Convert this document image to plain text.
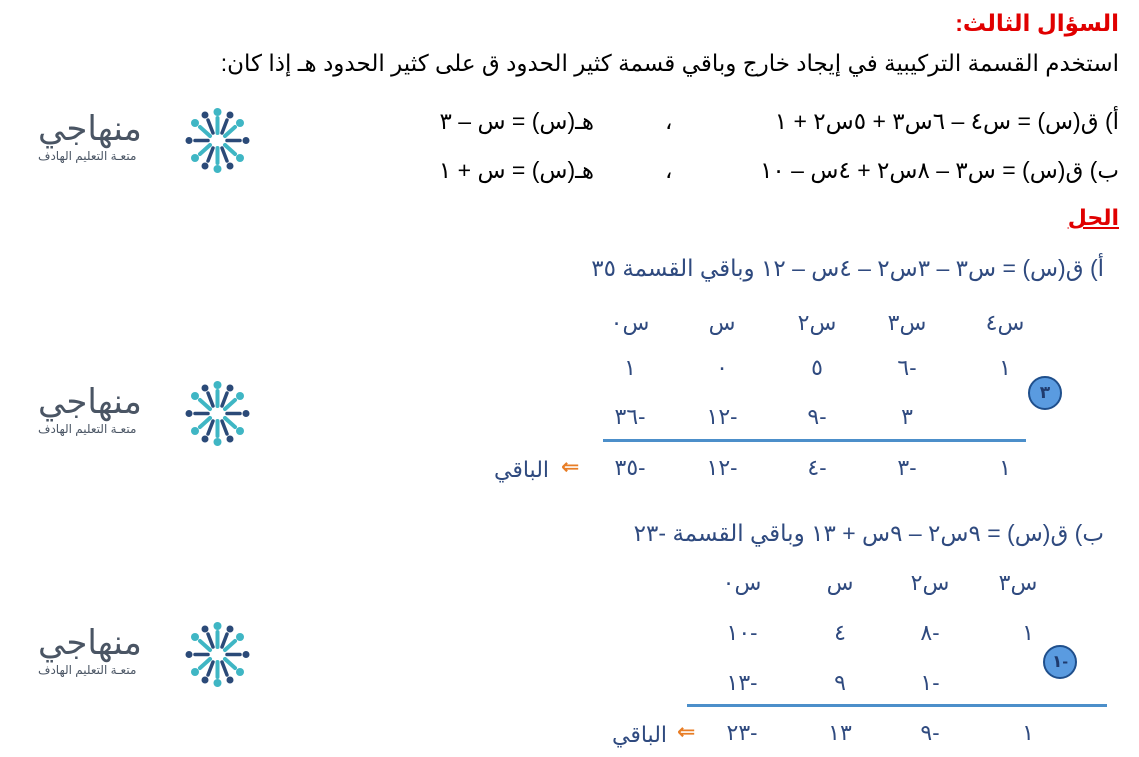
السؤال الثالث:
استخدم القسمة التركيبية في إيجاد خارج وباقي قسمة كثير الحدود ق على كثير الحدود هـ إذا كان:
أ) ق(س) = س٤ – ٦س٣ + ٥س٢ + ١
،
هـ(س) = س – ٣
ب) ق(س) = س٣ – ٨س٢ + ٤س – ١٠
،
هـ(س) = س + ١
الحل
أ) ق(س) = س٣ – ٣س٢ – ٤س – ١٢ وباقي القسمة ٣٥
س٤
س٣
س٢
س
س٠
١
٦-
٥
٠
١
٣
٣
٩-
١٢-
٣٦-
١
٣-
٤-
١٢-
٣٥-
⇐
الباقي
ب) ق(س) = ٩س٢ – ٩س + ١٣ وباقي القسمة -٢٣
س٣
س٢
س
س٠
١
٨-
٤
١٠-
١-
١-
٩
١٣-
١
٩-
١٣
٢٣-
⇐
الباقي
منهاجي
متعـة التعليم الهادف
منهاجي
متعـة التعليم الهادف
منهاجي
متعـة التعليم الهادف
